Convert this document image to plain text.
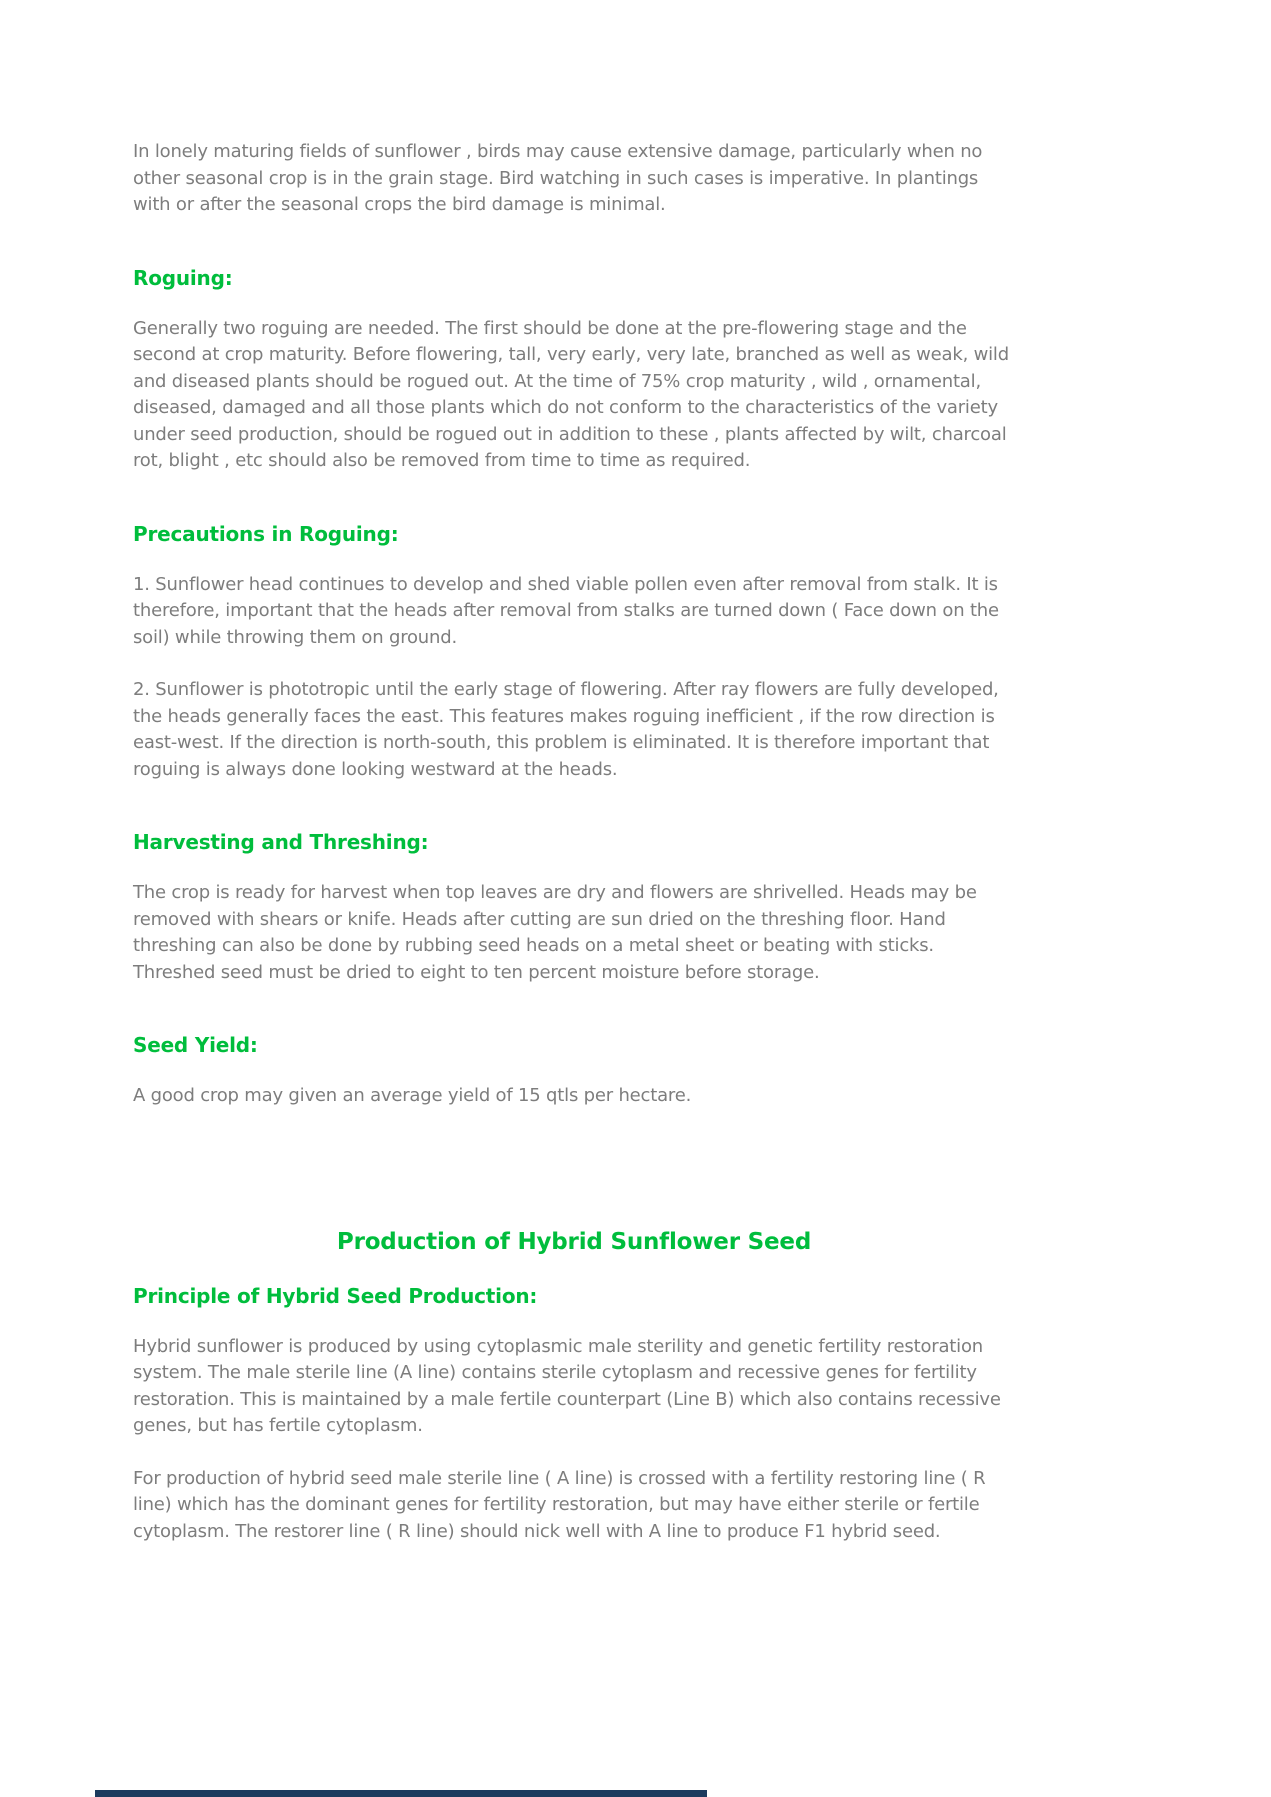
In lonely maturing fields of sunflower , birds may cause extensive damage, particularly when no other seasonal crop is in the grain stage. Bird watching in such cases is imperative. In plantings with or after the seasonal crops the bird damage is minimal.

Roguing:

Generally two roguing are needed. The first should be done at the pre-flowering stage and the second at crop maturity. Before flowering, tall, very early, very late, branched as well as weak, wild and diseased plants should be rogued out. At the time of 75% crop maturity , wild , ornamental, diseased, damaged and all those plants which do not conform to the characteristics of the variety under seed production, should be rogued out in addition to these , plants affected by wilt, charcoal rot, blight , etc should also be removed from time to time as required.

Precautions in Roguing:

1. Sunflower head continues to develop and shed viable pollen even after removal from stalk. It is therefore, important that the heads after removal from stalks are turned down ( Face down on the soil) while throwing them on ground.

2. Sunflower is phototropic until the early stage of flowering. After ray flowers are fully developed, the heads generally faces the east. This features makes roguing inefficient , if the row direction is east-west. If the direction is north-south, this problem is eliminated. It is therefore important that roguing is always done looking westward at the heads.

Harvesting and Threshing:

The crop is ready for harvest when top leaves are dry and flowers are shrivelled. Heads may be removed with shears or knife. Heads after cutting are sun dried on the threshing floor. Hand threshing can also be done by rubbing seed heads on a metal sheet or beating with sticks. Threshed seed must be dried to eight to ten percent moisture before storage.

Seed Yield:

A good crop may given an average yield of 15 qtls per hectare.

Production of Hybrid Sunflower Seed
Principle of Hybrid Seed Production:

Hybrid sunflower is produced by using cytoplasmic male sterility and genetic fertility restoration system. The male sterile line (A line) contains sterile cytoplasm and recessive genes for fertility restoration. This is maintained by a male fertile counterpart (Line B) which also contains recessive genes, but has fertile cytoplasm.

For production of hybrid seed male sterile line ( A line) is crossed with a fertility restoring line ( R line) which has the dominant genes for fertility restoration, but may have either sterile or fertile cytoplasm. The restorer line ( R line) should nick well with A line to produce F1 hybrid seed.
